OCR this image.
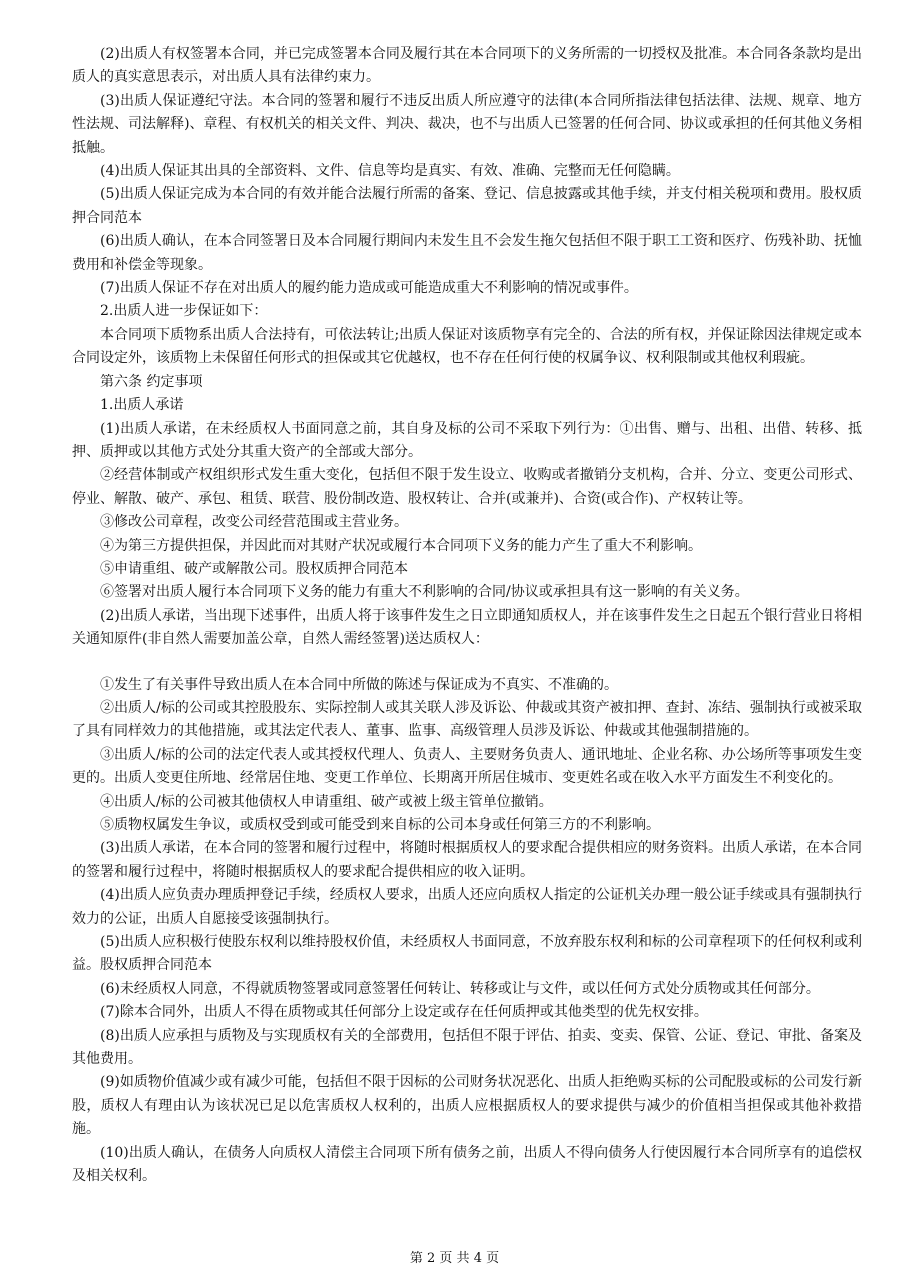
(2)出质人有权签署本合同，并已完成签署本合同及履行其在本合同项下的义务所需的一切授权及批准。本合同各条款均是出质人的真实意思表示，对出质人具有法律约束力。

(3)出质人保证遵纪守法。本合同的签署和履行不违反出质人所应遵守的法律(本合同所指法律包括法律、法规、规章、地方性法规、司法解释)、章程、有权机关的相关文件、判决、裁决，也不与出质人已签署的任何合同、协议或承担的任何其他义务相抵触。

(4)出质人保证其出具的全部资料、文件、信息等均是真实、有效、准确、完整而无任何隐瞒。

(5)出质人保证完成为本合同的有效并能合法履行所需的备案、登记、信息披露或其他手续，并支付相关税项和费用。股权质押合同范本

(6)出质人确认，在本合同签署日及本合同履行期间内未发生且不会发生拖欠包括但不限于职工工资和医疗、伤残补助、抚恤费用和补偿金等现象。

(7)出质人保证不存在对出质人的履约能力造成或可能造成重大不利影响的情况或事件。

2.出质人进一步保证如下：

本合同项下质物系出质人合法持有，可依法转让;出质人保证对该质物享有完全的、合法的所有权，并保证除因法律规定或本合同设定外，该质物上未保留任何形式的担保或其它优越权，也不存在任何行使的权属争议、权利限制或其他权利瑕疵。

第六条 约定事项

1.出质人承诺

(1)出质人承诺，在未经质权人书面同意之前，其自身及标的公司不采取下列行为：①出售、赠与、出租、出借、转移、抵押、质押或以其他方式处分其重大资产的全部或大部分。

②经营体制或产权组织形式发生重大变化，包括但不限于发生设立、收购或者撤销分支机构，合并、分立、变更公司形式、停业、解散、破产、承包、租赁、联营、股份制改造、股权转让、合并(或兼并)、合资(或合作)、产权转让等。

③修改公司章程，改变公司经营范围或主营业务。

④为第三方提供担保，并因此而对其财产状况或履行本合同项下义务的能力产生了重大不利影响。

⑤申请重组、破产或解散公司。股权质押合同范本

⑥签署对出质人履行本合同项下义务的能力有重大不利影响的合同/协议或承担具有这一影响的有关义务。

(2)出质人承诺，当出现下述事件，出质人将于该事件发生之日立即通知质权人，并在该事件发生之日起五个银行营业日将相关通知原件(非自然人需要加盖公章，自然人需经签署)送达质权人：

①发生了有关事件导致出质人在本合同中所做的陈述与保证成为不真实、不准确的。

②出质人/标的公司或其控股股东、实际控制人或其关联人涉及诉讼、仲裁或其资产被扣押、查封、冻结、强制执行或被采取了具有同样效力的其他措施，或其法定代表人、董事、监事、高级管理人员涉及诉讼、仲裁或其他强制措施的。

③出质人/标的公司的法定代表人或其授权代理人、负责人、主要财务负责人、通讯地址、企业名称、办公场所等事项发生变更的。出质人变更住所地、经常居住地、变更工作单位、长期离开所居住城市、变更姓名或在收入水平方面发生不利变化的。

④出质人/标的公司被其他债权人申请重组、破产或被上级主管单位撤销。

⑤质物权属发生争议，或质权受到或可能受到来自标的公司本身或任何第三方的不利影响。

(3)出质人承诺，在本合同的签署和履行过程中，将随时根据质权人的要求配合提供相应的财务资料。出质人承诺，在本合同的签署和履行过程中，将随时根据质权人的要求配合提供相应的收入证明。

(4)出质人应负责办理质押登记手续，经质权人要求，出质人还应向质权人指定的公证机关办理一般公证手续或具有强制执行效力的公证，出质人自愿接受该强制执行。

(5)出质人应积极行使股东权利以维持股权价值，未经质权人书面同意，不放弃股东权利和标的公司章程项下的任何权利或利益。股权质押合同范本

(6)未经质权人同意，不得就质物签署或同意签署任何转让、转移或让与文件，或以任何方式处分质物或其任何部分。

(7)除本合同外，出质人不得在质物或其任何部分上设定或存在任何质押或其他类型的优先权安排。

(8)出质人应承担与质物及与实现质权有关的全部费用，包括但不限于评估、拍卖、变卖、保管、公证、登记、审批、备案及其他费用。

(9)如质物价值减少或有减少可能，包括但不限于因标的公司财务状况恶化、出质人拒绝购买标的公司配股或标的公司发行新股，质权人有理由认为该状况已足以危害质权人权利的，出质人应根据质权人的要求提供与减少的价值相当担保或其他补救措施。

(10)出质人确认，在债务人向质权人清偿主合同项下所有债务之前，出质人不得向债务人行使因履行本合同所享有的追偿权及相关权利。

第 2 页 共 4 页
